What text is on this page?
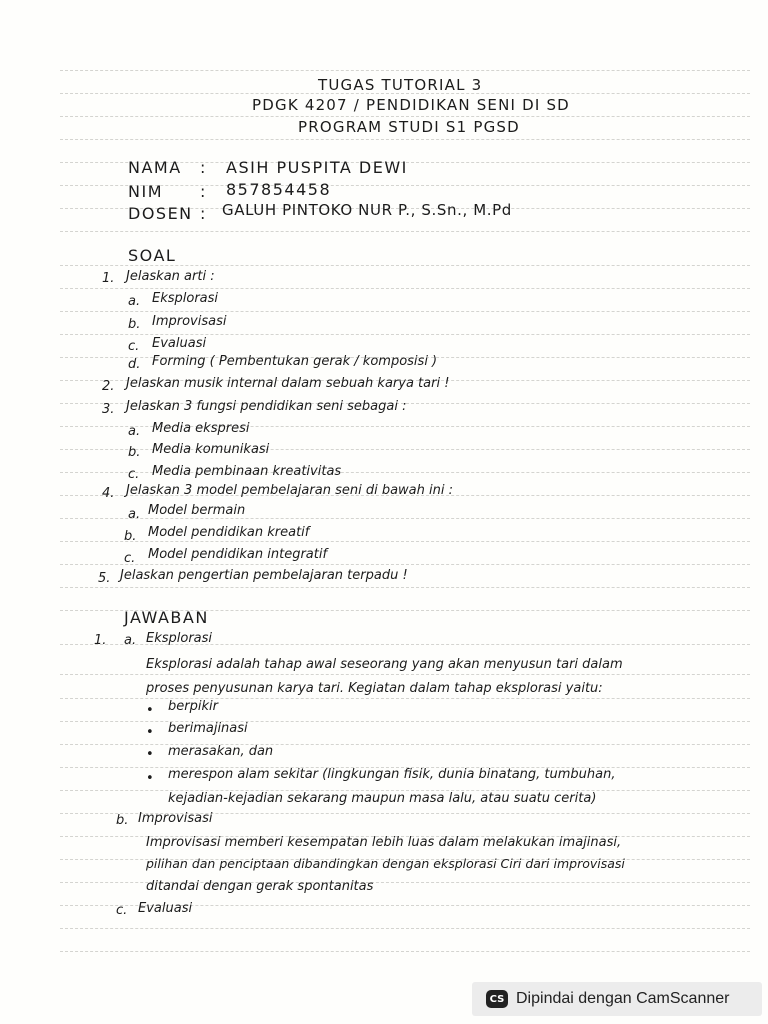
TUGAS TUTORIAL 3
PDGK 4207 / PENDIDIKAN SENI DI SD
PROGRAM STUDI S1 PGSD
NAMA : ASIH PUSPITA DEWI
NIM : 857854458
DOSEN : GALUH PINTOKO NUR P., S.Sn., M.Pd
SOAL
1. Jelaskan arti :
a. Eksplorasi
b. Improvisasi
c. Evaluasi
d. Forming ( Pembentukan gerak / komposisi )
2. Jelaskan musik internal dalam sebuah karya tari !
3. Jelaskan 3 fungsi pendidikan seni sebagai :
a. Media ekspresi
b. Media komunikasi
c. Media pembinaan kreativitas
4. Jelaskan 3 model pembelajaran seni di bawah ini :
a. Model bermain
b. Model pendidikan kreatif
c. Model pendidikan integratif
5. Jelaskan pengertian pembelajaran terpadu !
JAWABAN
1. a. Eksplorasi
Eksplorasi adalah tahap awal seseorang yang akan menyusun tari dalam
proses penyusunan karya tari. Kegiatan dalam tahap eksplorasi yaitu:
• berpikir
• berimajinasi
• merasakan, dan
• merespon alam sekitar (lingkungan fisik, dunia binatang, tumbuhan,
kejadian-kejadian sekarang maupun masa lalu, atau suatu cerita)
b. Improvisasi
Improvisasi memberi kesempatan lebih luas dalam melakukan imajinasi,
pilihan dan penciptaan dibandingkan dengan eksplorasi Ciri dari improvisasi
ditandai dengan gerak spontanitas
c. Evaluasi
CS Dipindai dengan CamScanner
